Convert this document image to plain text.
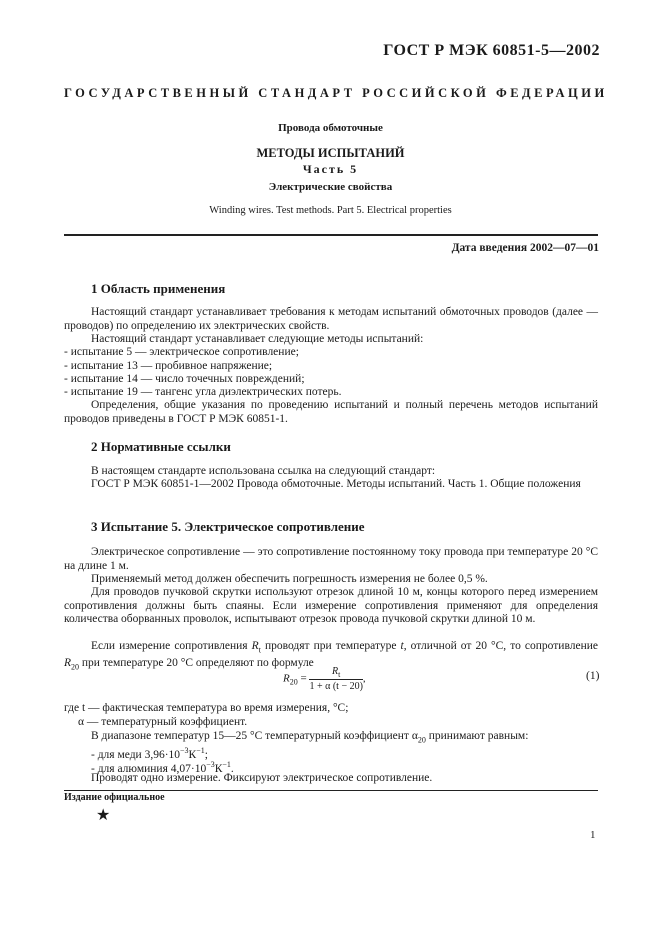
ГОСТ Р МЭК 60851-5—2002
ГОСУДАРСТВЕННЫЙ СТАНДАРТ РОССИЙСКОЙ ФЕДЕРАЦИИ
Провода обмоточные
МЕТОДЫ ИСПЫТАНИЙ
Часть 5
Электрические свойства
Winding wires. Test methods. Part 5. Electrical properties
Дата введения 2002—07—01
1 Область применения

Настоящий стандарт устанавливает требования к методам испытаний обмоточных проводов (далее — проводов) по определению их электрических свойств.

Настоящий стандарт устанавливает следующие методы испытаний:

- испытание 5 — электрическое сопротивление;
- испытание 13 — пробивное напряжение;
- испытание 14 — число точечных повреждений;
- испытание 19 — тангенс угла диэлектрических потерь.

Определения, общие указания по проведению испытаний и полный перечень методов испытаний проводов приведены в ГОСТ Р МЭК 60851-1.

2 Нормативные ссылки

В настоящем стандарте использована ссылка на следующий стандарт:

ГОСТ Р МЭК 60851-1—2002 Провода обмоточные. Методы испытаний. Часть 1. Общие положения

3 Испытание 5. Электрическое сопротивление

Электрическое сопротивление — это сопротивление постоянному току провода при температуре 20 °С на длине 1 м.

Применяемый метод должен обеспечить погрешность измерения не более 0,5 %.

Для проводов пучковой скрутки используют отрезок длиной 10 м, концы которого перед измерением сопротивления должны быть спаяны. Если измерение сопротивления применяют для определения количества оборванных проволок, испытывают отрезок провода пучковой скрутки длиной 10 м.

Если измерение сопротивления $R_t$ проводят при температуре t, отличной от 20 °С, то сопротивление $R_{20}$ при температуре 20 °С определяют по формуле

$R_{20} = \frac{R_t}{1 + \alpha (t - 20)}$ ,	(1)
где t — фактическая температура во время измерения, °С;
α — температурный коэффициент.
В диапазоне температур 15—25 °С температурный коэффициент $\alpha_{20}$ принимают равным:
- для меди $3,96\cdot 10^{-3}К^{-1}$;
- для алюминия $4,07\cdot 10^{-3}К^{-1}$.
Проводят одно измерение. Фиксируют электрическое сопротивление.
Издание официальное
★
1
